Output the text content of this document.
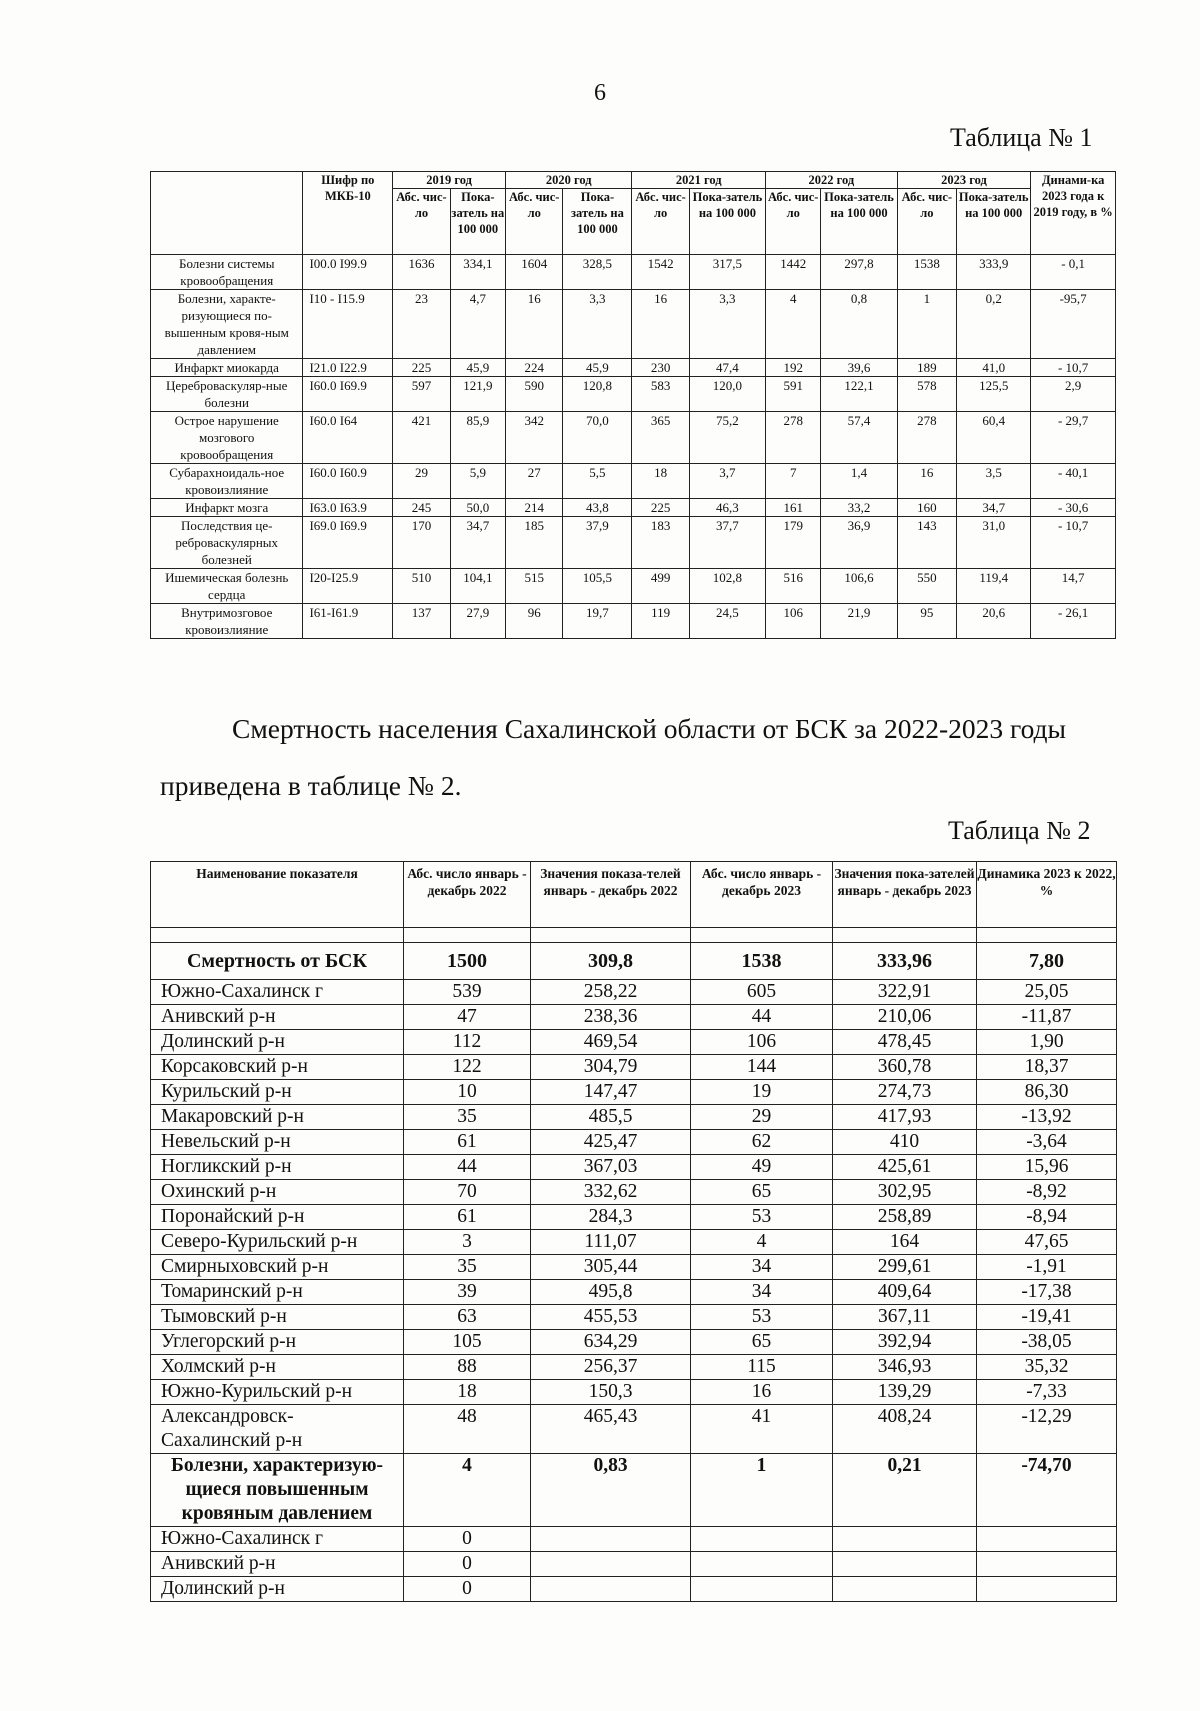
6
Таблица № 1
	Шифр по МКБ-10	2019 год		2020 год		2021 год		2022 год		2023 год		Динами-ка 2023 года к 2019 году, в %
		Абс. чис-ло	Пока-затель на 100 000	Абс. чис-ло	Пока-затель на 100 000	Абс. чис-ло	Пока-затель на 100 000	Абс. чис-ло	Пока-затель на 100 000	Абс. чис-ло	Пока-затель на 100 000	
Болезни системы кровообращения	I00.0 I99.9	1636	334,1	1604	328,5	1542	317,5	1442	297,8	1538	333,9	- 0,1
Болезни, характе-ризующиеся по-вышенным кровя-ным давлением	I10 - I15.9	23	4,7	16	3,3	16	3,3	4	0,8	1	0,2	-95,7
Инфаркт миокарда	I21.0 I22.9	225	45,9	224	45,9	230	47,4	192	39,6	189	41,0	- 10,7
Цереброваскуляр-ные болезни	I60.0 I69.9	597	121,9	590	120,8	583	120,0	591	122,1	578	125,5	2,9
Острое нарушение мозгового кровообращения	I60.0 I64	421	85,9	342	70,0	365	75,2	278	57,4	278	60,4	- 29,7
Субарахноидаль-ное кровоизлияние	I60.0 I60.9	29	5,9	27	5,5	18	3,7	7	1,4	16	3,5	- 40,1
Инфаркт мозга	I63.0 I63.9	245	50,0	214	43,8	225	46,3	161	33,2	160	34,7	- 30,6
Последствия це-реброваскулярных болезней	I69.0 I69.9	170	34,7	185	37,9	183	37,7	179	36,9	143	31,0	- 10,7
Ишемическая болезнь сердца	I20-I25.9	510	104,1	515	105,5	499	102,8	516	106,6	550	119,4	14,7
Внутримозговое кровоизлияние	I61-I61.9	137	27,9	96	19,7	119	24,5	106	21,9	95	20,6	- 26,1
Смертность населения Сахалинской области от БСК за 2022-2023 годы
приведена в таблице № 2.
Таблица № 2
Наименование показателя	Абс. число январь - декабрь 2022	Значения показа-телей январь - декабрь 2022	Абс. число январь - декабрь 2023	Значения пока-зателей январь - декабрь 2023	Динамика 2023 к 2022, %

Смертность от БСК	1500	309,8	1538	333,96	7,80
Южно-Сахалинск г	539	258,22	605	322,91	25,05
Анивский р-н	47	238,36	44	210,06	-11,87
Долинский р-н	112	469,54	106	478,45	1,90
Корсаковский р-н	122	304,79	144	360,78	18,37
Курильский р-н	10	147,47	19	274,73	86,30
Макаровский р-н	35	485,5	29	417,93	-13,92
Невельский р-н	61	425,47	62	410	-3,64
Ногликский р-н	44	367,03	49	425,61	15,96
Охинский р-н	70	332,62	65	302,95	-8,92
Поронайский р-н	61	284,3	53	258,89	-8,94
Северо-Курильский р-н	3	111,07	4	164	47,65
Смирныховский р-н	35	305,44	34	299,61	-1,91
Томаринский р-н	39	495,8	34	409,64	-17,38
Тымовский р-н	63	455,53	53	367,11	-19,41
Углегорский р-н	105	634,29	65	392,94	-38,05
Холмский р-н	88	256,37	115	346,93	35,32
Южно-Курильский р-н	18	150,3	16	139,29	-7,33
Александровск-Сахалинский р-н	48	465,43	41	408,24	-12,29
Болезни, характеризую-щиеся повышенным кровяным давлением	4	0,83	1	0,21	-74,70
Южно-Сахалинск г	0				
Анивский р-н	0				
Долинский р-н	0				
